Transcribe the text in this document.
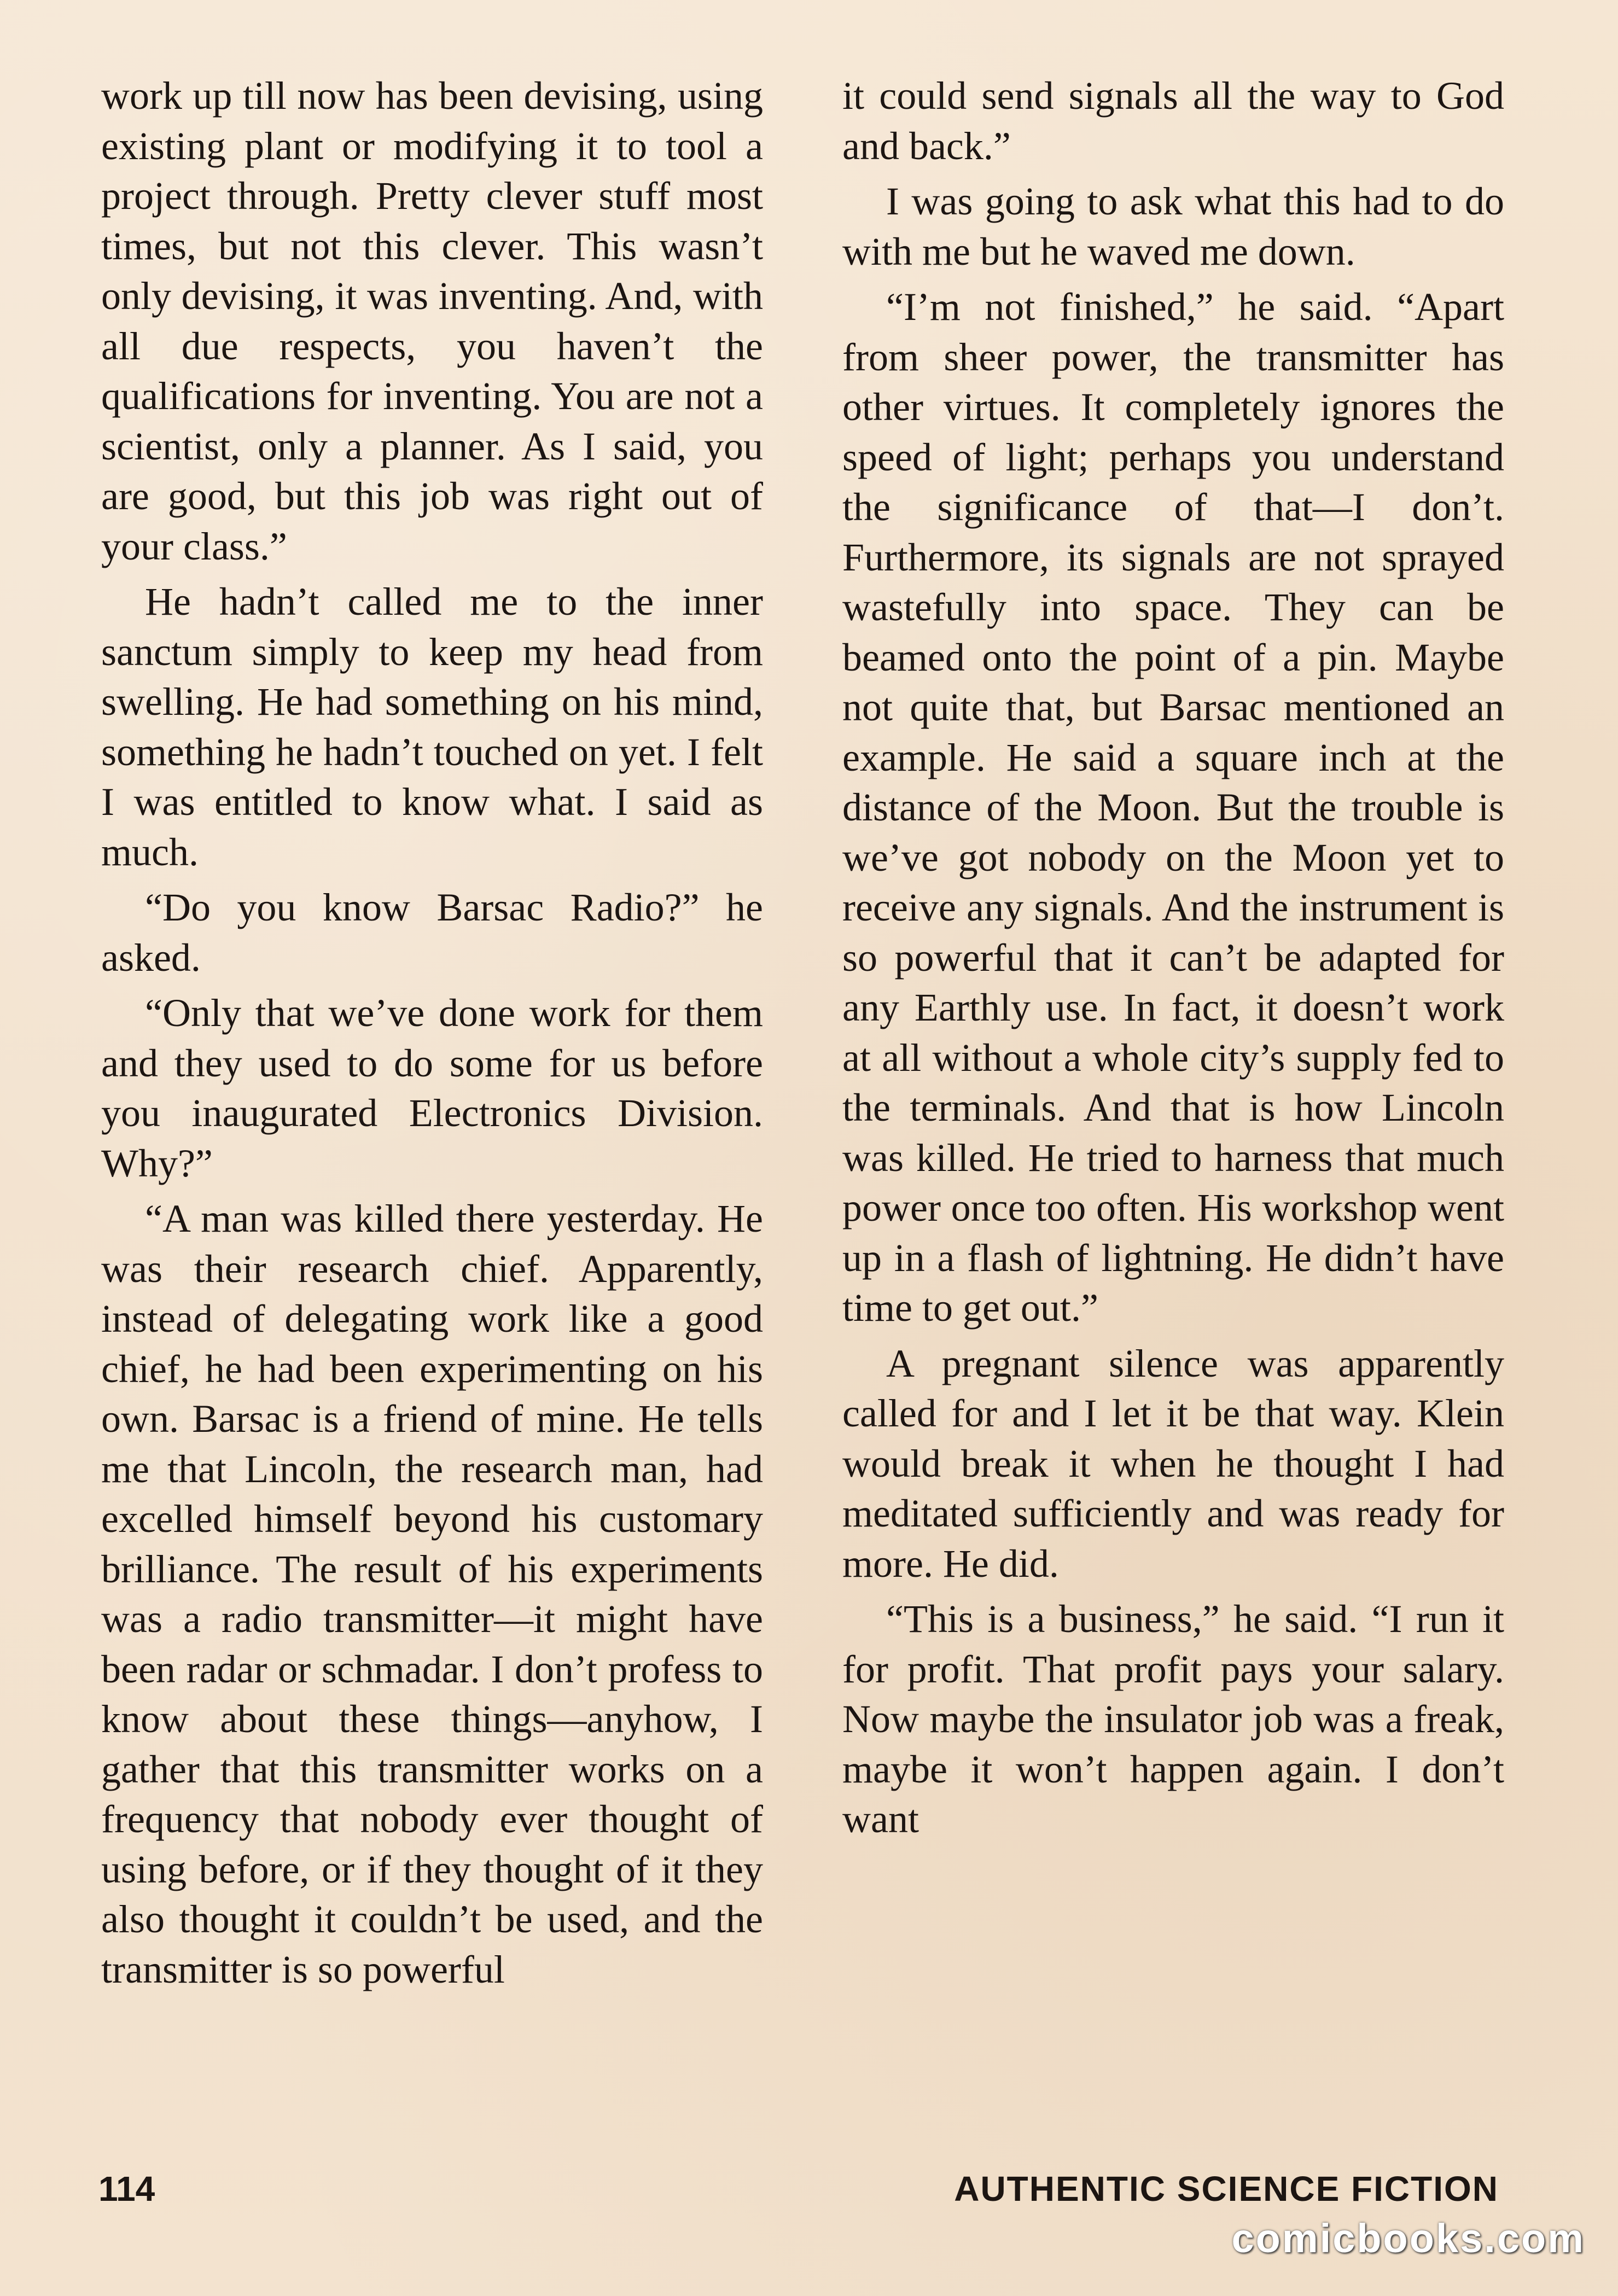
work up till now has been devising, using existing plant or modifying it to tool a project through. Pretty clever stuff most times, but not this clever. This wasn’t only devising, it was inventing. And, with all due respects, you haven’t the qualifications for inventing. You are not a scientist, only a planner. As I said, you are good, but this job was right out of your class.”

He hadn’t called me to the inner sanctum simply to keep my head from swelling. He had something on his mind, something he hadn’t touched on yet. I felt I was entitled to know what. I said as much.

“Do you know Barsac Radio?” he asked.

“Only that we’ve done work for them and they used to do some for us before you inaugurated Electronics Division. Why?”

“A man was killed there yesterday. He was their research chief. Apparently, instead of delegating work like a good chief, he had been experimenting on his own. Barsac is a friend of mine. He tells me that Lincoln, the research man, had excelled himself beyond his customary brilliance. The result of his experiments was a radio transmitter—it might have been radar or schmadar. I don’t profess to know about these things—anyhow, I gather that this transmitter works on a frequency that nobody ever thought of using before, or if they thought of it they also thought it couldn’t be used, and the transmitter is so powerful

it could send signals all the way to God and back.”

I was going to ask what this had to do with me but he waved me down.

“I’m not finished,” he said. “Apart from sheer power, the transmitter has other virtues. It completely ignores the speed of light; perhaps you understand the significance of that—I don’t. Furthermore, its signals are not sprayed wastefully into space. They can be beamed onto the point of a pin. Maybe not quite that, but Barsac mentioned an example. He said a square inch at the distance of the Moon. But the trouble is we’ve got nobody on the Moon yet to receive any signals. And the instrument is so powerful that it can’t be adapted for any Earthly use. In fact, it doesn’t work at all without a whole city’s supply fed to the terminals. And that is how Lincoln was killed. He tried to harness that much power once too often. His workshop went up in a flash of lightning. He didn’t have time to get out.”

A pregnant silence was apparently called for and I let it be that way. Klein would break it when he thought I had meditated sufficiently and was ready for more. He did.

“This is a business,” he said. “I run it for profit. That profit pays your salary. Now maybe the insulator job was a freak, maybe it won’t happen again. I don’t want

114	AUTHENTIC SCIENCE FICTION
comicbooks.com
